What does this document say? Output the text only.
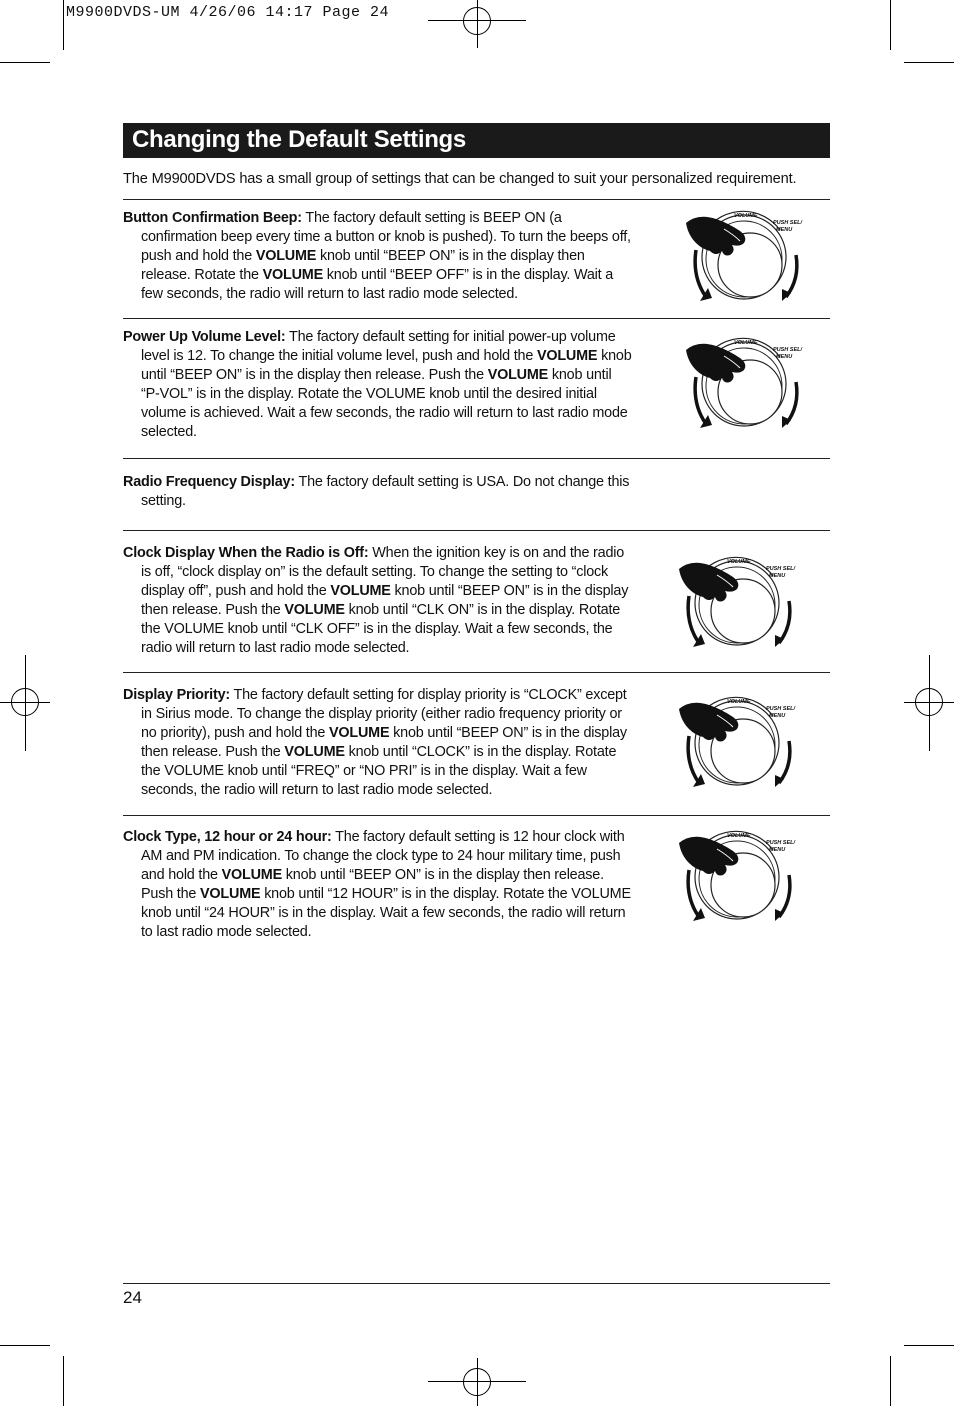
M9900DVDS-UM 4/26/06 14:17 Page 24
Changing the Default Settings
The M9900DVDS has a small group of settings that can be changed to suit your personalized requirement.

Button Confirmation Beep: The factory default setting is BEEP ON (a confirmation beep every time a button or knob is pushed). To turn the beeps off, push and hold the VOLUME knob until “BEEP ON” is in the display then release. Rotate the VOLUME knob until “BEEP OFF” is in the display. Wait a few seconds, the radio will return to last radio mode selected.

Power Up Volume Level: The factory default setting for initial power-up volume level is 12. To change the initial volume level, push and hold the VOLUME knob until “BEEP ON” is in the display then release. Push the VOLUME knob until “P-VOL” is in the display. Rotate the VOLUME knob until the desired initial volume is achieved. Wait a few seconds, the radio will return to last radio mode selected.

Radio Frequency Display: The factory default setting is USA. Do not change this setting.

Clock Display When the Radio is Off: When the ignition key is on and the radio is off, “clock display on” is the default setting. To change the setting to “clock display off”, push and hold the VOLUME knob until “BEEP ON” is in the display then release. Push the VOLUME knob until “CLK ON” is in the display. Rotate the VOLUME knob until “CLK OFF” is in the display. Wait a few seconds, the radio will return to last radio mode selected.

Display Priority: The factory default setting for display priority is “CLOCK” except in Sirius mode. To change the display priority (either radio frequency priority or no priority), push and hold the VOLUME knob until “BEEP ON” is in the display then release. Push the VOLUME knob until “CLOCK” is in the display. Rotate the VOLUME knob until “FREQ” or “NO PRI” is in the display. Wait a few seconds, the radio will return to last radio mode selected.

Clock Type, 12 hour or 24 hour: The factory default setting is 12 hour clock with AM and PM indication. To change the clock type to 24 hour military time, push and hold the VOLUME knob until “BEEP ON” is in the display then release. Push the VOLUME knob until “12 HOUR” is in the display. Rotate the VOLUME knob until “24 HOUR” is in the display. Wait a few seconds, the radio will return to last radio mode selected.

VOLUME
PUSH SEL/
MENU
VOLUME
PUSH SEL/
MENU
VOLUME
PUSH SEL/
MENU
VOLUME
PUSH SEL/
MENU
VOLUME
PUSH SEL/
MENU
24
